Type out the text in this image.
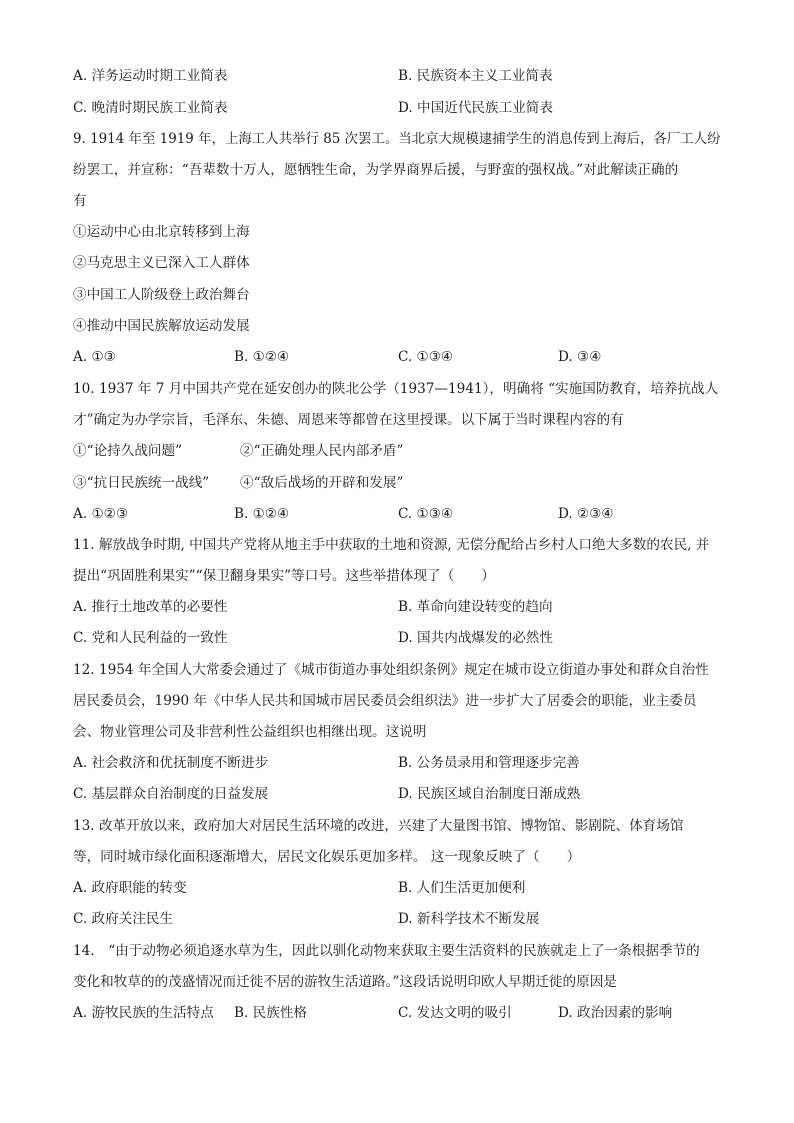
A. 洋务运动时期工业简表	B. 民族资本主义工业简表
C. 晚清时期民族工业简表	D. 中国近代民族工业简表
9. 1914 年至 1919 年，上海工人共举行 85 次罢工。当北京大规模逮捕学生的消息传到上海后，各厂工人纷
纷罢工，并宣称：“吾辈数十万人，愿牺牲生命，为学界商界后援，与野蛮的强权战。”对此解读正确的
有
①运动中心由北京转移到上海
②马克思主义已深入工人群体
③中国工人阶级登上政治舞台
④推动中国民族解放运动发展
A. ①③	B. ①②④	C. ①③④	D. ③④
10. 1937 年 7 月中国共产党在延安创办的陕北公学（1937—1941），明确将 “实施国防教育，培养抗战人
才”确定为办学宗旨，毛泽东、朱德、周恩来等都曾在这里授课。以下属于当时课程内容的有
①“论持久战问题”	②“正确处理人民内部矛盾”
③“抗日民族统一战线” ④“敌后战场的开辟和发展”
A. ①②③	B. ①②④	C. ①③④	D. ②③④
11. 解放战争时期, 中国共产党将从地主手中获取的土地和资源, 无偿分配给占乡村人口绝大多数的农民, 并
提出“巩固胜利果实”“保卫翻身果实”等口号。这些举措体现了（　　）
A. 推行土地改革的必要性	B. 革命向建设转变的趋向
C. 党和人民利益的一致性	D. 国共内战爆发的必然性
12. 1954 年全国人大常委会通过了《城市街道办事处组织条例》规定在城市设立街道办事处和群众自治性
居民委员会，1990 年《中华人民共和国城市居民委员会组织法》进一步扩大了居委会的职能，业主委员
会、物业管理公司及非营利性公益组织也相继出现。这说明
A. 社会救济和优抚制度不断进步	B. 公务员录用和管理逐步完善
C. 基层群众自治制度的日益发展	D. 民族区域自治制度日渐成熟
13. 改革开放以来，政府加大对居民生活环境的改进，兴建了大量图书馆、博物馆、影剧院、体育场馆
等，同时城市绿化面积逐渐增大，居民文化娱乐更加多样。 这一现象反映了（　　）
A. 政府职能的转变	B. 人们生活更加便利
C. 政府关注民生	D. 新科学技术不断发展
14.　“由于动物必须追逐水草为生，因此以驯化动物来获取主要生活资料的民族就走上了一条根据季节的
变化和牧草的的茂盛情况而迁徙不居的游牧生活道路。”这段话说明印欧人早期迁徙的原因是
A. 游牧民族的生活特点 B. 民族性格	C. 发达文明的吸引	D. 政治因素的影响
